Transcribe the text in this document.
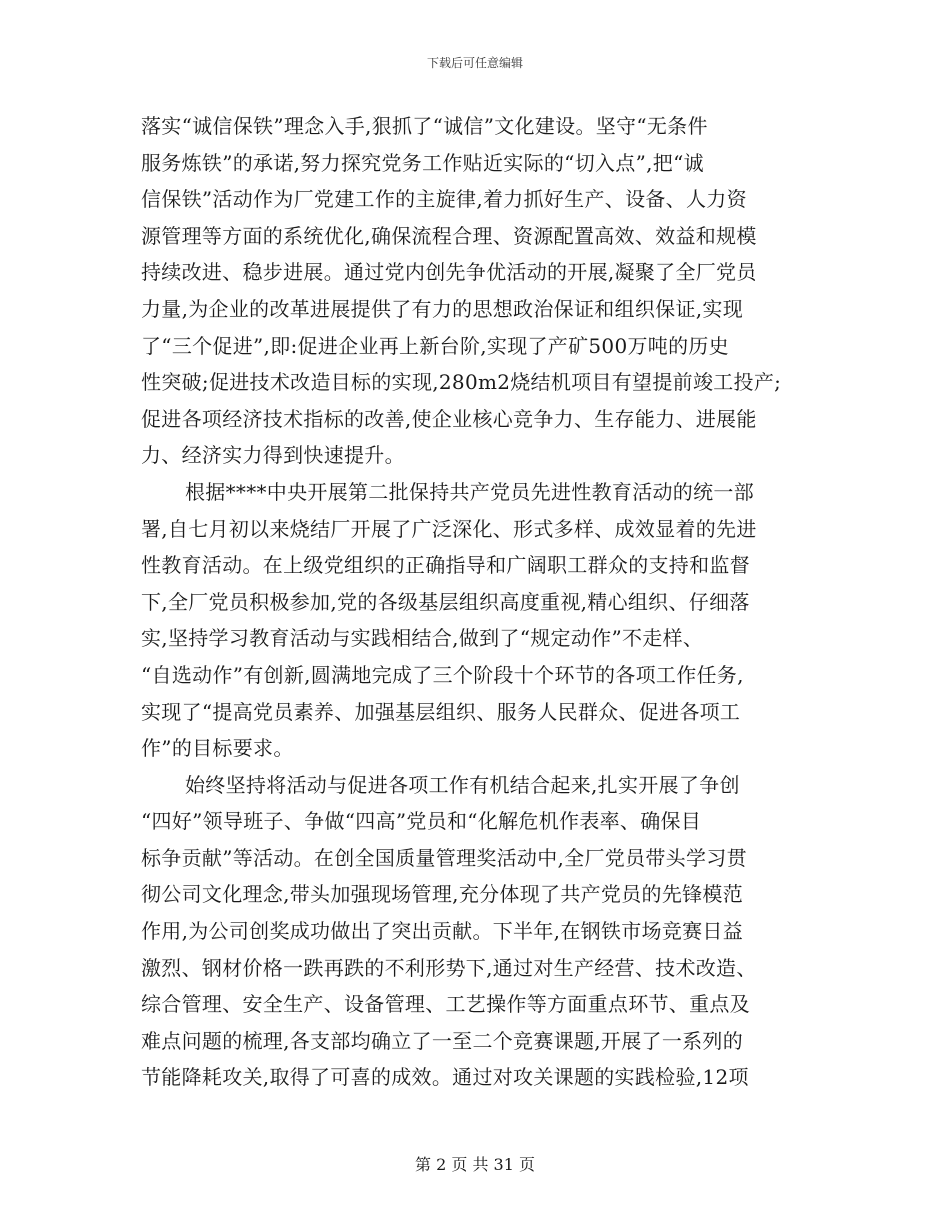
下载后可任意编辑
落实“诚信保铁”理念入手,狠抓了“诚信”文化建设。坚守“无条件
服务炼铁”的承诺,努力探究党务工作贴近实际的“切入点”,把“诚
信保铁”活动作为厂党建工作的主旋律,着力抓好生产、设备、人力资
源管理等方面的系统优化,确保流程合理、资源配置高效、效益和规模
持续改进、稳步进展。通过党内创先争优活动的开展,凝聚了全厂党员
力量,为企业的改革进展提供了有力的思想政治保证和组织保证,实现
了“三个促进”,即:促进企业再上新台阶,实现了产矿500万吨的历史
性突破;促进技术改造目标的实现,280m2烧结机项目有望提前竣工投产;
促进各项经济技术指标的改善,使企业核心竞争力、生存能力、进展能
力、经济实力得到快速提升。
根据****中央开展第二批保持共产党员先进性教育活动的统一部
署,自七月初以来烧结厂开展了广泛深化、形式多样、成效显着的先进
性教育活动。在上级党组织的正确指导和广阔职工群众的支持和监督
下,全厂党员积极参加,党的各级基层组织高度重视,精心组织、仔细落
实,坚持学习教育活动与实践相结合,做到了“规定动作”不走样、
“自选动作”有创新,圆满地完成了三个阶段十个环节的各项工作任务,
实现了“提高党员素养、加强基层组织、服务人民群众、促进各项工
作”的目标要求。
始终坚持将活动与促进各项工作有机结合起来,扎实开展了争创
“四好”领导班子、争做“四高”党员和“化解危机作表率、确保目
标争贡献”等活动。在创全国质量管理奖活动中,全厂党员带头学习贯
彻公司文化理念,带头加强现场管理,充分体现了共产党员的先锋模范
作用,为公司创奖成功做出了突出贡献。下半年,在钢铁市场竞赛日益
激烈、钢材价格一跌再跌的不利形势下,通过对生产经营、技术改造、
综合管理、安全生产、设备管理、工艺操作等方面重点环节、重点及
难点问题的梳理,各支部均确立了一至二个竞赛课题,开展了一系列的
节能降耗攻关,取得了可喜的成效。通过对攻关课题的实践检验,12项
第 2 页 共 31 页
